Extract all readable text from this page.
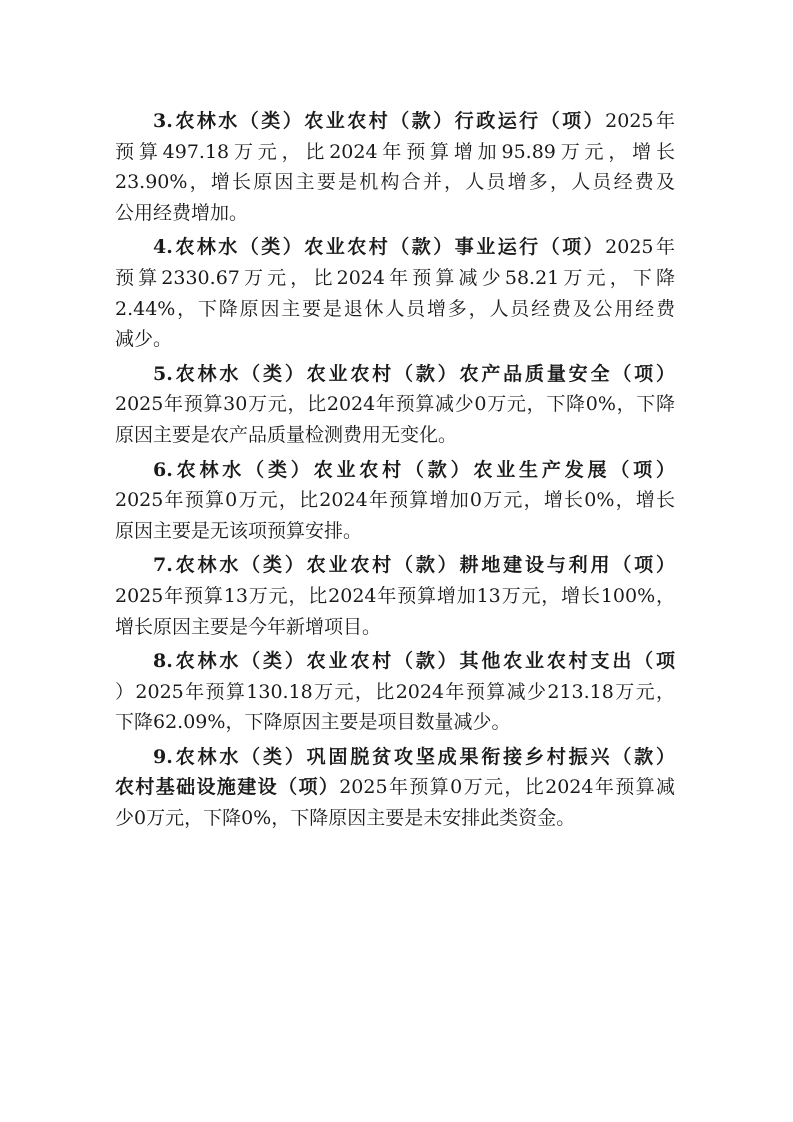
3.农林水（类）农业农村（款）行政运行（项）2025年
预算497.18万元，比2024年预算增加95.89万元，增长
23.90%，增长原因主要是机构合并，人员增多，人员经费及
公用经费增加。
4.农林水（类）农业农村（款）事业运行（项）2025年
预算2330.67万元，比2024年预算减少58.21万元，下降
2.44%，下降原因主要是退休人员增多，人员经费及公用经费
减少。
5.农林水（类）农业农村（款）农产品质量安全（项）
2025年预算30万元，比2024年预算减少0万元，下降0%，下降
原因主要是农产品质量检测费用无变化。
6.农林水（类）农业农村（款）农业生产发展（项）
2025年预算0万元，比2024年预算增加0万元，增长0%，增长
原因主要是无该项预算安排。
7.农林水（类）农业农村（款）耕地建设与利用（项）
2025年预算13万元，比2024年预算增加13万元，增长100%，
增长原因主要是今年新增项目。
8.农林水（类）农业农村（款）其他农业农村支出（项
）2025年预算130.18万元，比2024年预算减少213.18万元，
下降62.09%，下降原因主要是项目数量减少。
9.农林水（类）巩固脱贫攻坚成果衔接乡村振兴（款）
农村基础设施建设（项）2025年预算0万元，比2024年预算减
少0万元，下降0%，下降原因主要是未安排此类资金。
